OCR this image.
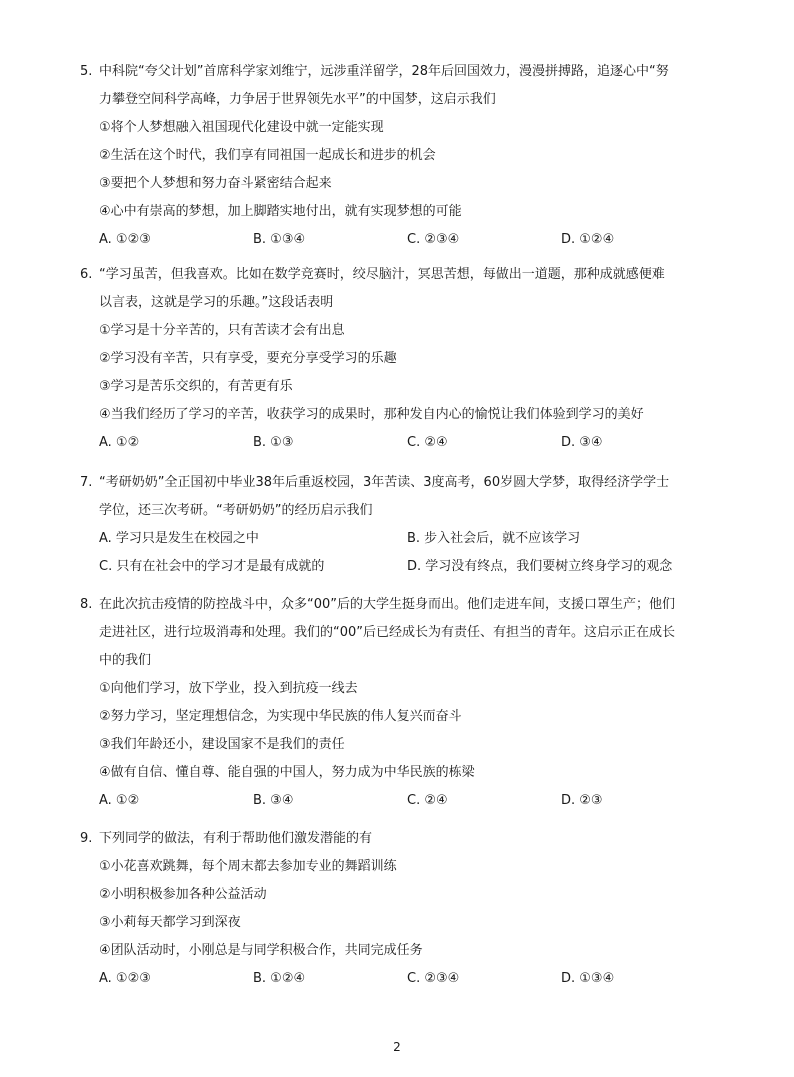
5. 中科院“夸父计划”首席科学家刘维宁，远涉重洋留学，28年后回国效力，漫漫拼搏路，追逐心中“努
力攀登空间科学高峰，力争居于世界领先水平”的中国梦，这启示我们
①将个人梦想融入祖国现代化建设中就一定能实现
②生活在这个时代，我们享有同祖国一起成长和进步的机会
③要把个人梦想和努力奋斗紧密结合起来
④心中有崇高的梦想，加上脚踏实地付出，就有实现梦想的可能
A. ①②③	B. ①③④	C. ②③④	D. ①②④
6. “学习虽苦，但我喜欢。比如在数学竞赛时，绞尽脑汁，冥思苦想，每做出一道题，那种成就感便难
以言表，这就是学习的乐趣。”这段话表明
①学习是十分辛苦的，只有苦读才会有出息
②学习没有辛苦，只有享受，要充分享受学习的乐趣
③学习是苦乐交织的，有苦更有乐
④当我们经历了学习的辛苦，收获学习的成果时，那种发自内心的愉悦让我们体验到学习的美好
A. ①②	B. ①③	C. ②④	D. ③④
7. “考研奶奶”全正国初中毕业38年后重返校园，3年苦读、3度高考，60岁圆大学梦，取得经济学学士
学位，还三次考研。“考研奶奶”的经历启示我们
A. 学习只是发生在校园之中	B. 步入社会后，就不应该学习
C. 只有在社会中的学习才是最有成就的	D. 学习没有终点，我们要树立终身学习的观念
8. 在此次抗击疫情的防控战斗中，众多“00”后的大学生挺身而出。他们走进车间，支援口罩生产；他们
走进社区，进行垃圾消毒和处理。我们的“00”后已经成长为有责任、有担当的青年。这启示正在成长
中的我们
①向他们学习，放下学业，投入到抗疫一线去
②努力学习，坚定理想信念，为实现中华民族的伟人复兴而奋斗
③我们年龄还小，建设国家不是我们的责任
④做有自信、懂自尊、能自强的中国人，努力成为中华民族的栋梁
A. ①②	B. ③④	C. ②④	D. ②③
9. 下列同学的做法，有利于帮助他们激发潜能的有
①小花喜欢跳舞，每个周末都去参加专业的舞蹈训练
②小明积极参加各种公益活动
③小莉每天都学习到深夜
④团队活动时，小刚总是与同学积极合作，共同完成任务
A. ①②③	B. ①②④	C. ②③④	D. ①③④
2
